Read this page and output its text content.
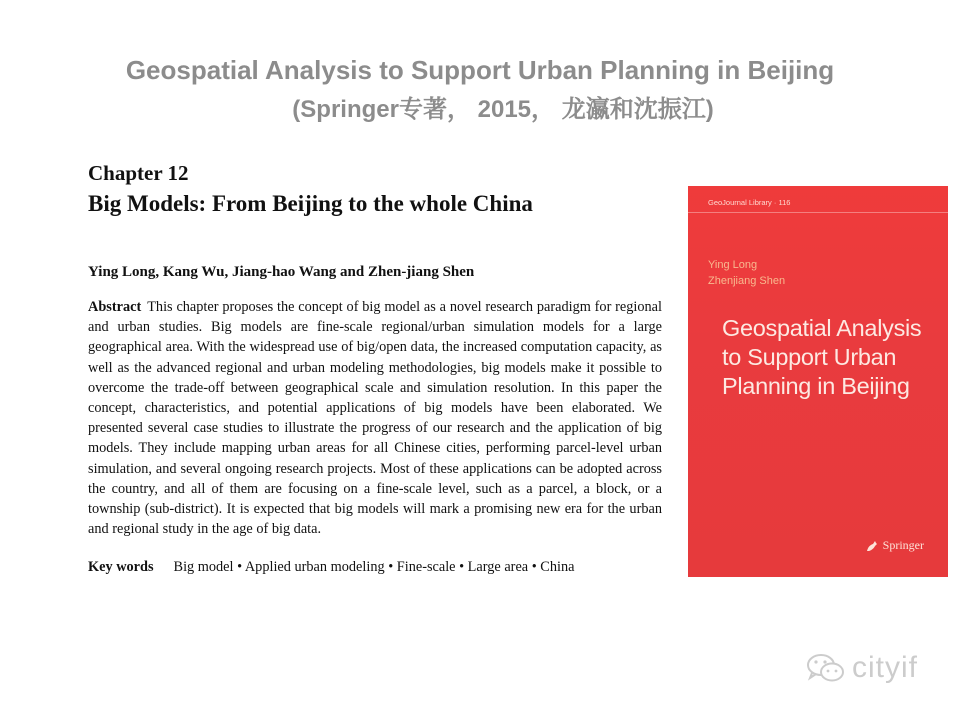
Geospatial Analysis to Support Urban Planning in Beijing
(Springer专著， 2015， 龙瀛和沈振江)
Chapter 12
Big Models: From Beijing to the whole China
Ying Long, Kang Wu, Jiang-hao Wang and Zhen-jiang Shen
Abstract This chapter proposes the concept of big model as a novel research paradigm for regional and urban studies. Big models are fine-scale regional/urban simulation models for a large geographical area. With the widespread use of big/open data, the increased computation capacity, as well as the advanced regional and urban modeling methodologies, big models make it possible to overcome the trade-off between geographical scale and simulation resolution. In this paper the concept, characteristics, and potential applications of big models have been elaborated. We presented several case studies to illustrate the progress of our research and the application of big models. They include mapping urban areas for all Chinese cities, performing parcel-level urban simulation, and several ongoing research projects. Most of these applications can be adopted across the country, and all of them are focusing on a fine-scale level, such as a parcel, a block, or a township (sub-district). It is expected that big models will mark a promising new era for the urban and regional study in the age of big data.
Key words Big model • Applied urban modeling • Fine-scale • Large area • China
GeoJournal Library · 116
Ying Long
Zhenjiang Shen
Geospatial Analysis
to Support Urban
Planning in Beijing
Springer
cityif
